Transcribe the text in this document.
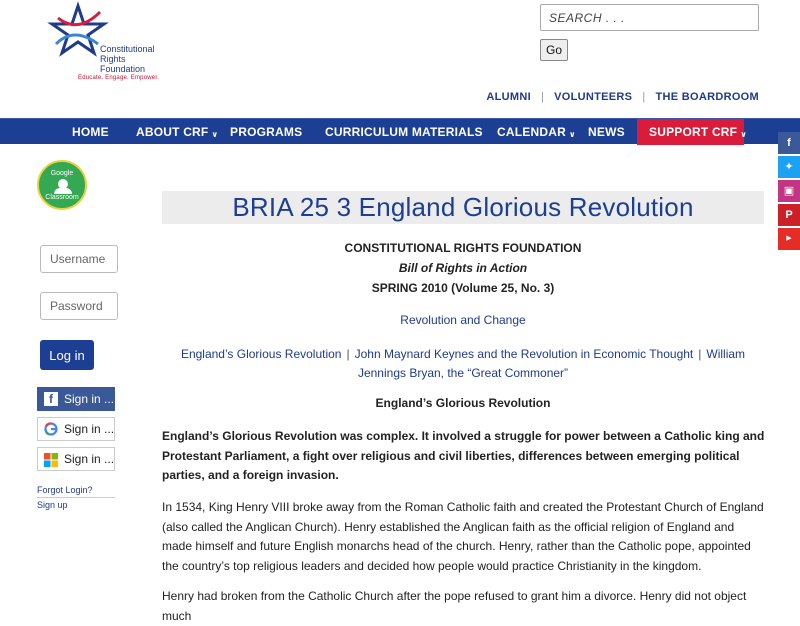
Constitutional
Rights
Foundation
Educate. Engage. Empower.
SEARCH . . .
Go
ALUMNI | VOLUNTEERS | THE BOARDROOM
HOME ABOUT CRF ∨ PROGRAMS CURRICULUM MATERIALS CALENDAR ∨ NEWS	SUPPORT CRF ∨
f
✦
▣
P
▶
Google
Classroom
Username
Log in
f Sign in ...
Sign in ...
Sign in ...
Forgot Login?
Sign up
BRIA 25 3 England Glorious Revolution
CONSTITUTIONAL RIGHTS FOUNDATION
Bill of Rights in Action
SPRING 2010 (Volume 25, No. 3)
Revolution and Change
England’s Glorious Revolution | John Maynard Keynes and the Revolution in Economic Thought | William Jennings Bryan, the “Great Commoner”
England’s Glorious Revolution

England’s Glorious Revolution was complex. It involved a struggle for power between a Catholic king and Protestant Parliament, a fight over religious and civil liberties, differences between emerging political parties, and a foreign invasion.

In 1534, King Henry VIII broke away from the Roman Catholic faith and created the Protestant Church of England (also called the Anglican Church). Henry established the Anglican faith as the official religion of England and made himself and future English monarchs head of the church. Henry, rather than the Catholic pope, appointed the country’s top religious leaders and decided how people would practice Christianity in the kingdom.

Henry had broken from the Catholic Church after the pope refused to grant him a divorce. Henry did not object much
